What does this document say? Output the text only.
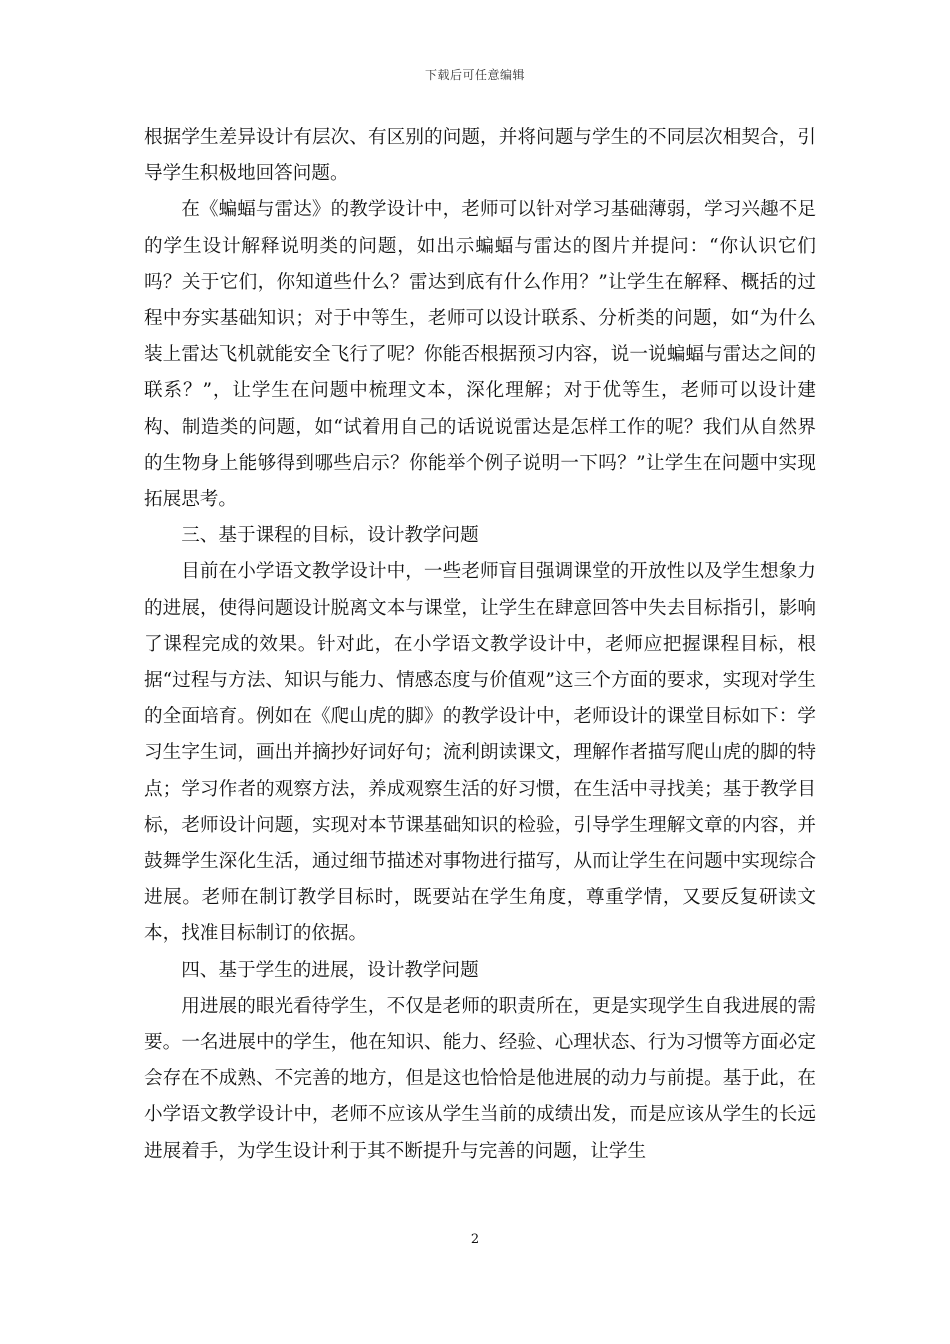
下载后可任意编辑

根据学生差异设计有层次、有区别的问题，并将问题与学生的不同层次相契合，引导学生积极地回答问题。

在《蝙蝠与雷达》的教学设计中，老师可以针对学习基础薄弱，学习兴趣不足的学生设计解释说明类的问题，如出示蝙蝠与雷达的图片并提问：“你认识它们吗？关于它们，你知道些什么？雷达到底有什么作用？”让学生在解释、概括的过程中夯实基础知识；对于中等生，老师可以设计联系、分析类的问题，如“为什么装上雷达飞机就能安全飞行了呢？你能否根据预习内容，说一说蝙蝠与雷达之间的联系？”，让学生在问题中梳理文本，深化理解；对于优等生，老师可以设计建构、制造类的问题，如“试着用自己的话说说雷达是怎样工作的呢？我们从自然界的生物身上能够得到哪些启示？你能举个例子说明一下吗？”让学生在问题中实现拓展思考。

三、基于课程的目标，设计教学问题

目前在小学语文教学设计中，一些老师盲目强调课堂的开放性以及学生想象力的进展，使得问题设计脱离文本与课堂，让学生在肆意回答中失去目标指引，影响了课程完成的效果。针对此，在小学语文教学设计中，老师应把握课程目标，根据“过程与方法、知识与能力、情感态度与价值观”这三个方面的要求，实现对学生的全面培育。例如在《爬山虎的脚》的教学设计中，老师设计的课堂目标如下：学习生字生词，画出并摘抄好词好句；流利朗读课文，理解作者描写爬山虎的脚的特点；学习作者的观察方法，养成观察生活的好习惯，在生活中寻找美；基于教学目标，老师设计问题，实现对本节课基础知识的检验，引导学生理解文章的内容，并鼓舞学生深化生活，通过细节描述对事物进行描写，从而让学生在问题中实现综合进展。老师在制订教学目标时，既要站在学生角度，尊重学情，又要反复研读文本，找准目标制订的依据。

四、基于学生的进展，设计教学问题

用进展的眼光看待学生，不仅是老师的职责所在，更是实现学生自我进展的需要。一名进展中的学生，他在知识、能力、经验、心理状态、行为习惯等方面必定会存在不成熟、不完善的地方，但是这也恰恰是他进展的动力与前提。基于此，在小学语文教学设计中，老师不应该从学生当前的成绩出发，而是应该从学生的长远进展着手，为学生设计利于其不断提升与完善的问题，让学生

2
